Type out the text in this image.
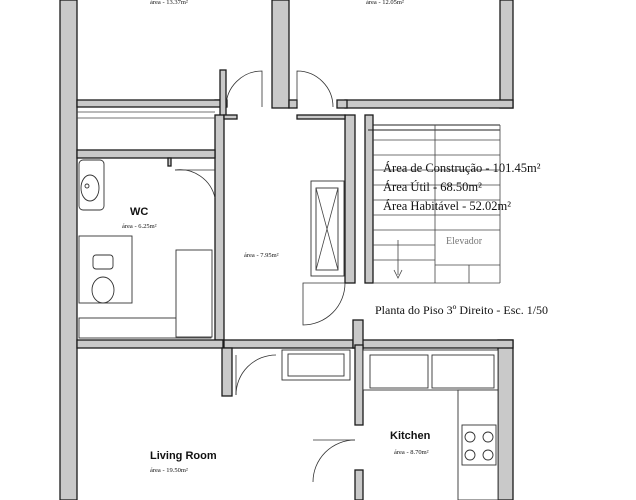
área - 13.37m²	área - 12.05m²
WC
área - 6.25m²
área - 7.95m²
Living Room
área - 19.50m²
Kitchen
área - 8.70m²
Área de Construção - 101.45m²
Área Útil - 68.50m²
Área Habitável - 52.02m²
Elevador
Planta do Piso 3º Direito - Esc. 1/50
